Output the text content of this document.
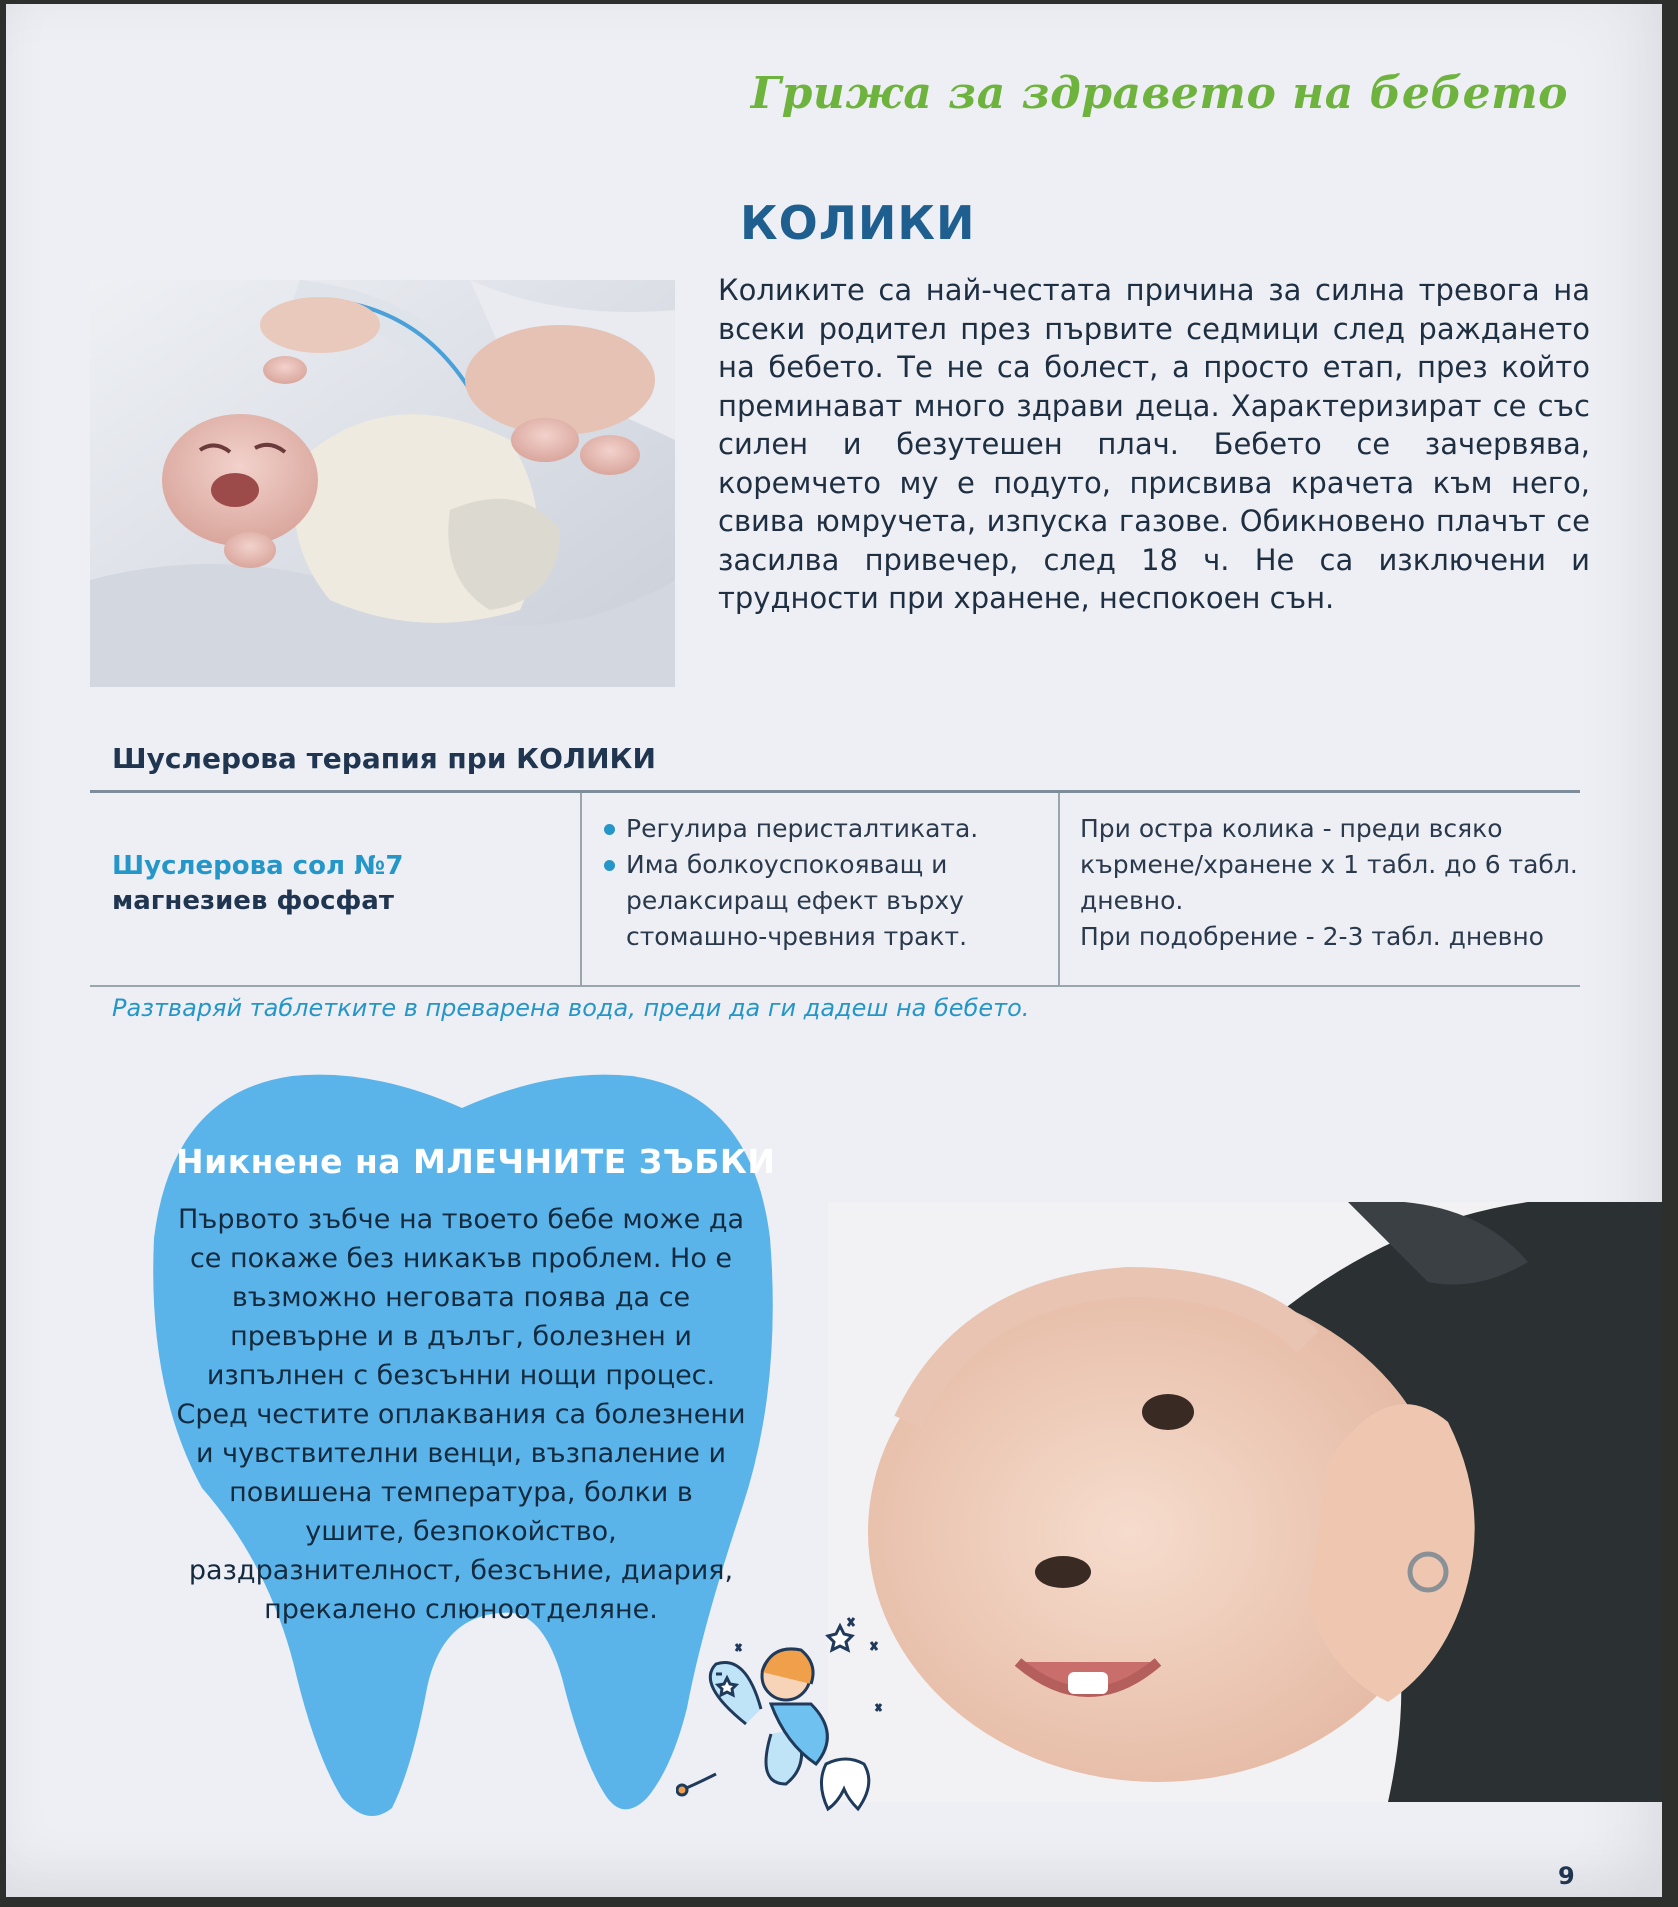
Грижа за здравето на бебето
КОЛИКИ

Коликите са най-честата причина за силна тревога на всеки родител през първите седмици след раждането на бебето. Те не са болест, а просто етап, през който преминават много здрави деца. Характеризират се със силен и безутешен плач. Бебето се зачервява, коремчето му е подуто, присвива крачета към него, свива юмручета, изпуска газове. Обикновено плачът се засилва привечер, след 18 ч. Не са изключени и трудности при хранене, неспокоен сън.

Шуслерова терапия при КОЛИКИ
Шуслерова сол №7
магнезиев фосфат
Регулира перисталтиката.
Има болкоуспокояващ и релаксиращ ефект върху стомашно-чревния тракт.

При остра колика - преди всяко кърмене/хранене х 1 табл. до 6 табл. дневно.
При подобрение - 2-3 табл. дневно

Разтваряй таблетките в преварена вода, преди да ги дадеш на бебето.
Никнене на МЛЕЧНИТЕ ЗЪБКИ

Първото зъбче на твоето бебе може да се покаже без никакъв проблем. Но е възможно неговата поява да се превърне и в дълъг, болезнен и изпълнен с безсънни нощи процес. Сред честите оплаквания са болезнени и чувствителни венци, възпаление и повишена температура, болки в ушите, безпокойство, раздразнителност, безсъние, диария, прекалено слюноотделяне.

9
